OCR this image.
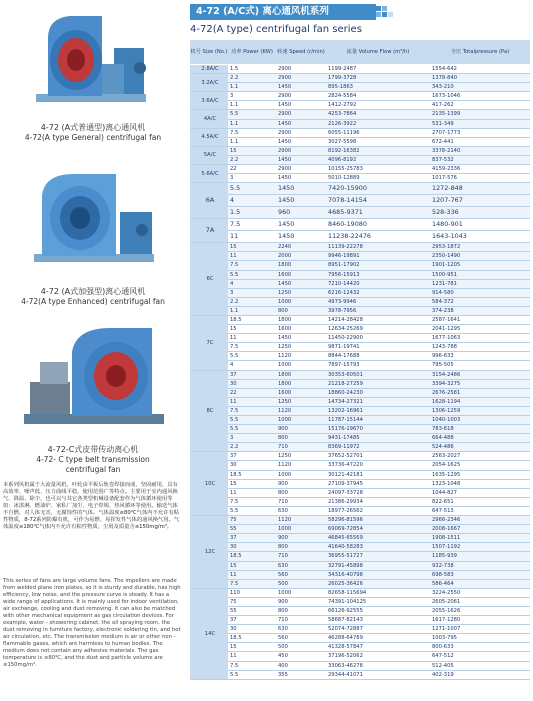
4-72 (A式普通型)离心通风机
4-72(A type General) centrifugal fan
4-72 (A式加强型)离心通风机
4-72(A type Enhanced) centrifugal fan
4-72-C式皮带传动离心机
4-72- C type belt transmission
centrifugal fan
本系列风机属于大流量风机，叶轮由平板后轨卷焊接而成，坚固耐用，具有高效率、噪声低、压力曲线平稳，使用范围广等特点。主要用于室内通风换气、降温、除尘，也可以与其它各类型机械设备配套作为气体循环使用等如：冰淇淋、燃油炉、家私厂加尘、电子焊锡、热风循环等使用。输送气体不自燃，对人体无害，无腐蚀性的气体。气体温度≤80℃气体内不允许有粘性物质，8-72系列防爆有机，可作为易燃、易挥发性气体的通风换气用。气体温度≤180℃气体内不允许有粘性物质，尘屑及质量含≤150mg/m³。
This series of fans are large volume fans. The impellers are made from welded plane iron plates, so it is sturdy and durable, has high efficiency, low noise, and the pressure curve is steady. It has a wide range of applications. It is mainly used for indoor ventilation, air exchange, cooling and dust removing. It can also be matched with other mechanical equipment as gas circulation devices. For example, water - showering cabinet, the oil spraying room, the dust removing in furniture factory, electronic soldering tin, and hot air circulation, etc. The transmission medium is air or other non -flammable gases, which are harmless to human bodies. The medium does not contain any adhesive materials. The gas temperature is ≤80℃, and the dust and particle volume are ≤150mg/m³.
4-72 (A/C式) 离心通风机系列
4-72(A type) centrifugal fan series
机号 Size (No.)	功率 Power (KW)	转速 Speed (r/min)	流量 Volume Flow (m³/h)	全压 Totalpressure (Pa)
2.8A/C	1.5	2900	1199-2487	1554-642
3.2A/C	2.2	2900	1799-3728	1378-840
	1.1	1450	895-1863	343-210
3.6A/C	3	2900	2824-5584	1673-1046
	1.1	1450	1412-2792	417-262
4A/C	5.5	2900	4253-7864	2135-1399
	1.1	1450	2126-3922	531-349
4.5A/C	7.5	2900	6055-11196	2707-1773
	1.1	1450	3027-5598	672-441
5A/C	15	2900	8192-16382	3378-2140
	2.2	1450	4096-8192	837-532
5.6A/C	22	2900	10155-25783	4159-2336
	3	1450	5010-12889	1017-576
6A	5.5	1450	7420-15900	1272-848
	4	1450	7078-14154	1207-767
	1.5	960	4685-9371	528-336
7A	7.5	1450	8460-19080	1480-901
	11	1450	11238-22476	1643-1043
6C	15	2240	11139-22278	2953-1872
	11	2000	9946-19891	2350-1490
	7.5	1800	8951-17902	1901-1205
	5.5	1600	7956-15913	1500-951
	4	1450	7210-14420	1231-781
	3	1250	6216-12432	914-580
	2.2	1000	4973-9946	584-372
	1.1	800	3978-7956	374-238
7C	18.5	1800	14214-28428	2587-1641
	15	1600	12634-25269	2041-1295
	11	1450	11450-22900	1677-1063
	7.5	1250	9871-19741	1243-788
	5.5	1120	8844-17688	996-633
	4	1000	7897-15793	795-505
8C	37	1800	30353-60501	3154-2486
	30	1800	21218-27259	3394-3275
	22	1600	18860-24230	2676-2581
	11	1250	14734-27321	1628-1194
	7.5	1120	13202-16961	1306-1259
	5.5	1000	11787-15144	1040-1003
	5.5	900	15176-19670	783-618
	3	800	9431-17485	664-488
	2.2	710	8369-11972	524-486
10C	37	1250	37652-52701	2563-2027
	30	1120	33736-47220	2054-1625
	18.5	1000	30121-42181	1635-1295
	15	900	27109-37945	1323-1048
	11	800	24097-33728	1044-827
	7.5	710	21386-29934	822-651
	5.5	630	18977-26562	647-513
12C	75	1120	58296-81596	2966-2346
	55	1000	69069-72854	2008-1667
	37	900	46845-65569	1908-1511
	30	800	41640-58283	1507-1192
	18.5	710	36955-51727	1185-939
	15	630	32791-45898	932-738
	11	560	34316-40798	698-583
	7.5	500	26025-36426	586-464
14C	110	1000	82658-115694	3224-2550
	75	900	74391-104125	2605-2061
	55	800	66126-92555	2055-1626
	37	710	58687-82143	1617-1280
	30	630	52074-72887	1271-1007
	18.5	560	46288-64789	1003-795
	15	500	41328-57847	800-633
	11	450	37196-52062	647-512
	7.5	400	33063-46278	512-405
	5.5	355	29344-41071	402-319
